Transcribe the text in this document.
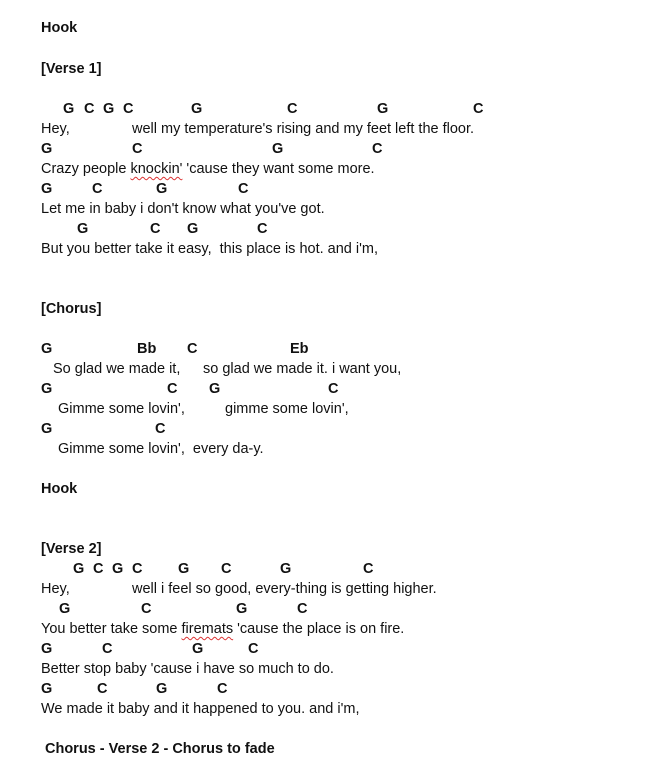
Hook
[Verse 1]
G C G C	G	C	G	C
Hey,	well my temperature's rising and my feet left the floor.
G	C	G	C
Crazy people knockin' 'cause they want some more.
G	C	G	C
Let me in baby i don't know what you've got.
G	C G	C
But you better take it easy,  this place is hot. and i'm,
[Chorus]
G	Bb C	Eb
So glad we made it, so glad we made it. i want you,
G	C G	C
Gimme some lovin',	gimme some lovin',
G	C
Gimme some lovin',  every da-y.
Hook
[Verse 2]
G C G C G C	G	C
Hey,	well i feel so good, every-thing is getting higher.
G	C	G	C
You better take some firemats 'cause the place is on fire.
G	C	G	C
Better stop baby 'cause i have so much to do.
G	C	G	C
We made it baby and it happened to you. and i'm,
Chorus - Verse 2 - Chorus to fade
